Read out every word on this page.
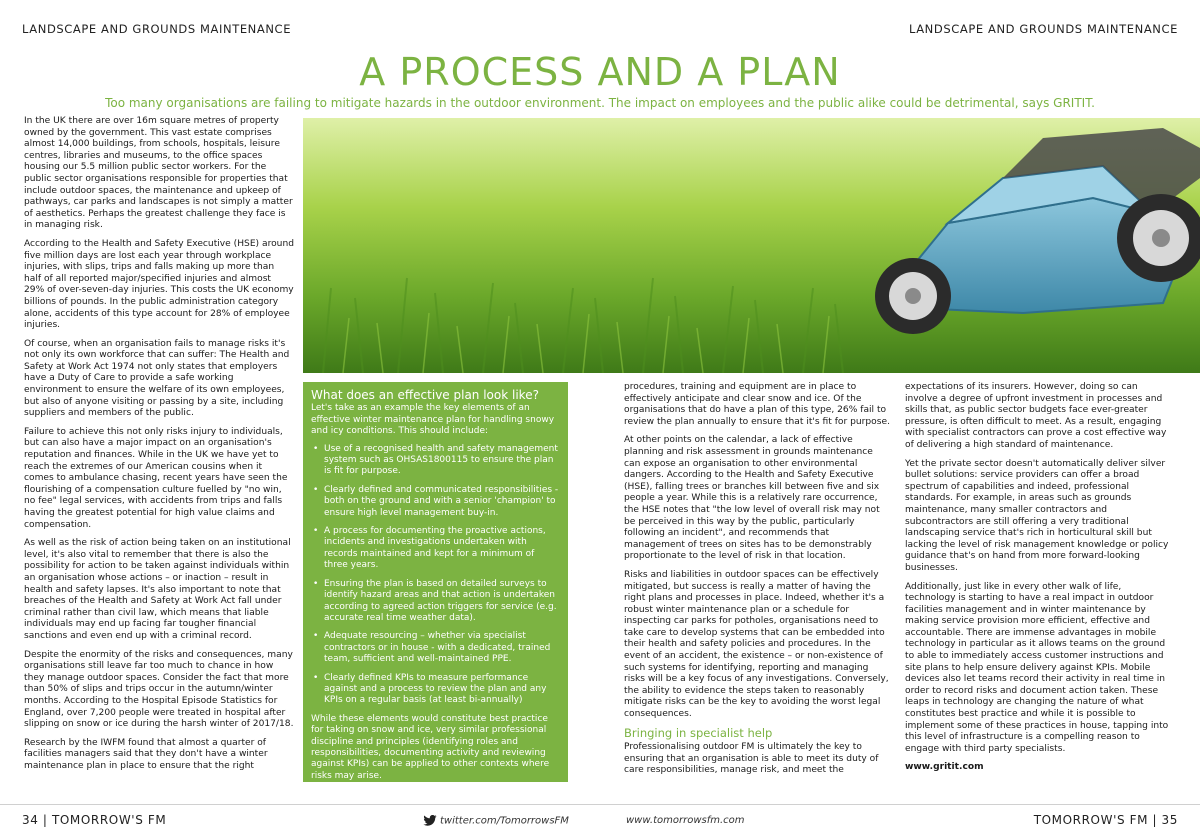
LANDSCAPE AND GROUNDS MAINTENANCE	LANDSCAPE AND GROUNDS MAINTENANCE
A PROCESS AND A PLAN
Too many organisations are failing to mitigate hazards in the outdoor environment. The impact on employees and the public alike could be detrimental, says GRITIT.

In the UK there are over 16m square metres of property owned by the government. This vast estate comprises almost 14,000 buildings, from schools, hospitals, leisure centres, libraries and museums, to the office spaces housing our 5.5 million public sector workers. For the public sector organisations responsible for properties that include outdoor spaces, the maintenance and upkeep of pathways, car parks and landscapes is not simply a matter of aesthetics. Perhaps the greatest challenge they face is in managing risk.

According to the Health and Safety Executive (HSE) around five million days are lost each year through workplace injuries, with slips, trips and falls making up more than half of all reported major/specified injuries and almost 29% of over-seven-day injuries. This costs the UK economy billions of pounds. In the public administration category alone, accidents of this type account for 28% of employee injuries.

Of course, when an organisation fails to manage risks it's not only its own workforce that can suffer: The Health and Safety at Work Act 1974 not only states that employers have a Duty of Care to provide a safe working environment to ensure the welfare of its own employees, but also of anyone visiting or passing by a site, including suppliers and members of the public.

Failure to achieve this not only risks injury to individuals, but can also have a major impact on an organisation's reputation and finances. While in the UK we have yet to reach the extremes of our American cousins when it comes to ambulance chasing, recent years have seen the flourishing of a compensation culture fuelled by "no win, no fee" legal services, with accidents from trips and falls having the greatest potential for high value claims and compensation.

As well as the risk of action being taken on an institutional level, it's also vital to remember that there is also the possibility for action to be taken against individuals within an organisation whose actions – or inaction – result in health and safety lapses. It's also important to note that breaches of the Health and Safety at Work Act fall under criminal rather than civil law, which means that liable individuals may end up facing far tougher financial sanctions and even end up with a criminal record.

Despite the enormity of the risks and consequences, many organisations still leave far too much to chance in how they manage outdoor spaces. Consider the fact that more than 50% of slips and trips occur in the autumn/winter months. According to the Hospital Episode Statistics for England, over 7,200 people were treated in hospital after slipping on snow or ice during the harsh winter of 2017/18.

Research by the IWFM found that almost a quarter of facilities managers said that they don't have a winter maintenance plan in place to ensure that the right

What does an effective plan look like?
Let's take as an example the key elements of an effective winter maintenance plan for handling snowy and icy conditions. This should include:
• Use of a recognised health and safety management system such as OHSAS1800115 to ensure the plan is fit for purpose.
• Clearly defined and communicated responsibilities - both on the ground and with a senior 'champion' to ensure high level management buy-in.
• A process for documenting the proactive actions, incidents and investigations undertaken with records maintained and kept for a minimum of three years.
• Ensuring the plan is based on detailed surveys to identify hazard areas and that action is undertaken according to agreed action triggers for service (e.g. accurate real time weather data).
• Adequate resourcing – whether via specialist contractors or in house - with a dedicated, trained team, sufficient and well-maintained PPE.
• Clearly defined KPIs to measure performance against and a process to review the plan and any KPIs on a regular basis (at least bi-annually)
While these elements would constitute best practice for taking on snow and ice, very similar professional discipline and principles (identifying roles and responsibilities, documenting activity and reviewing against KPIs) can be applied to other contexts where risks may arise.

procedures, training and equipment are in place to effectively anticipate and clear snow and ice. Of the organisations that do have a plan of this type, 26% fail to review the plan annually to ensure that it's fit for purpose.

At other points on the calendar, a lack of effective planning and risk assessment in grounds maintenance can expose an organisation to other environmental dangers. According to the Health and Safety Executive (HSE), falling trees or branches kill between five and six people a year. While this is a relatively rare occurrence, the HSE notes that "the low level of overall risk may not be perceived in this way by the public, particularly following an incident", and recommends that management of trees on sites has to be demonstrably proportionate to the level of risk in that location.

Risks and liabilities in outdoor spaces can be effectively mitigated, but success is really a matter of having the right plans and processes in place. Indeed, whether it's a robust winter maintenance plan or a schedule for inspecting car parks for potholes, organisations need to take care to develop systems that can be embedded into their health and safety policies and procedures. In the event of an accident, the existence – or non-existence of such systems for identifying, reporting and managing risks will be a key focus of any investigations. Conversely, the ability to evidence the steps taken to reasonably mitigate risks can be the key to avoiding the worst legal consequences.

Bringing in specialist help

Professionalising outdoor FM is ultimately the key to ensuring that an organisation is able to meet its duty of care responsibilities, manage risk, and meet the

expectations of its insurers. However, doing so can involve a degree of upfront investment in processes and skills that, as public sector budgets face ever-greater pressure, is often difficult to meet. As a result, engaging with specialist contractors can prove a cost effective way of delivering a high standard of maintenance.

Yet the private sector doesn't automatically deliver silver bullet solutions: service providers can offer a broad spectrum of capabilities and indeed, professional standards. For example, in areas such as grounds maintenance, many smaller contractors and subcontractors are still offering a very traditional landscaping service that's rich in horticultural skill but lacking the level of risk management knowledge or policy guidance that's on hand from more forward-looking businesses.

Additionally, just like in every other walk of life, technology is starting to have a real impact in outdoor facilities management and in winter maintenance by making service provision more efficient, effective and accountable. There are immense advantages in mobile technology in particular as it allows teams on the ground to able to immediately access customer instructions and site plans to help ensure delivery against KPIs. Mobile devices also let teams record their activity in real time in order to record risks and document action taken. These leaps in technology are changing the nature of what constitutes best practice and while it is possible to implement some of these practices in house, tapping into this level of infrastructure is a compelling reason to engage with third party specialists.

www.gritit.com
34 | TOMORROW'S FM	twitter.com/TomorrowsFM	www.tomorrowsfm.com	TOMORROW'S FM | 35
